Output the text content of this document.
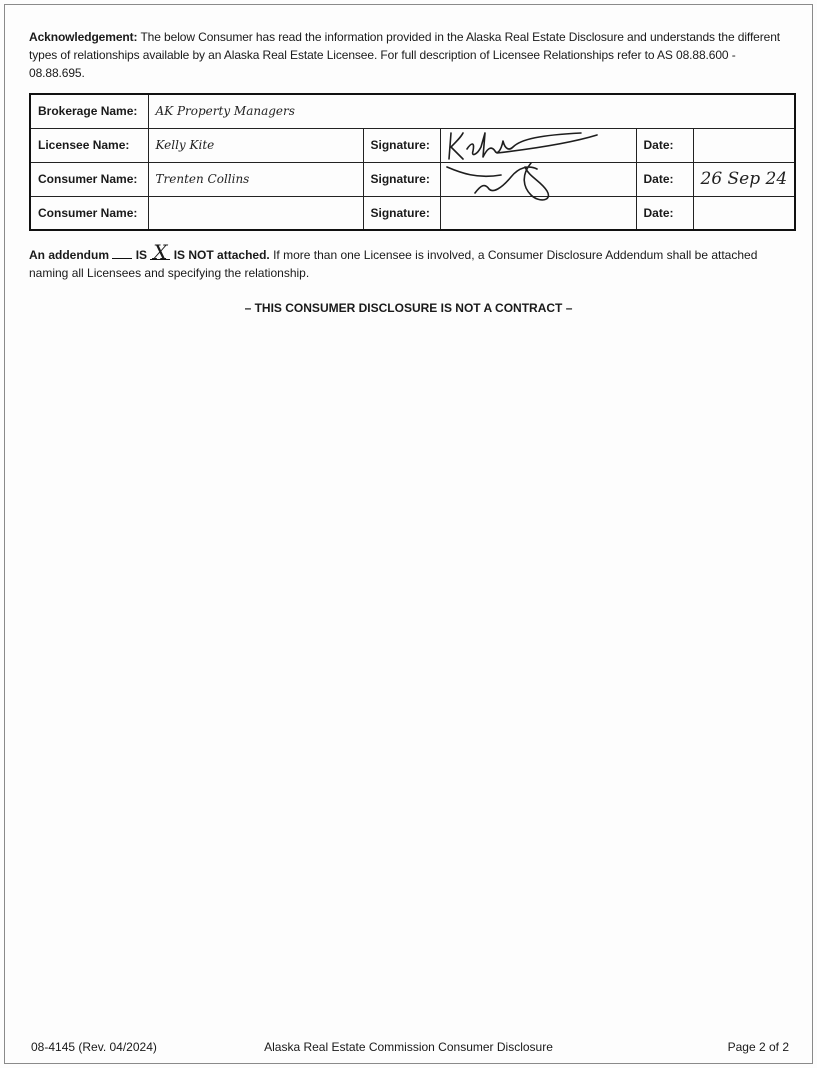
Acknowledgement: The below Consumer has read the information provided in the Alaska Real Estate Disclosure and understands the different types of relationships available by an Alaska Real Estate Licensee. For full description of Licensee Relationships refer to AS 08.88.600 - 08.88.695.
Brokerage Name:	AK Property Managers				
Licensee Name:	Kelly Kite	Signature:		Date:	
Consumer Name:	Trenten Collins	Signature:		Date:	26 Sep 24
Consumer Name:		Signature:		Date:	
An addendum IS X IS NOT attached. If more than one Licensee is involved, a Consumer Disclosure Addendum shall be attached naming all Licensees and specifying the relationship.
– THIS CONSUMER DISCLOSURE IS NOT A CONTRACT –
08-4145 (Rev. 04/2024)	Alaska Real Estate Commission Consumer Disclosure	Page 2 of 2
